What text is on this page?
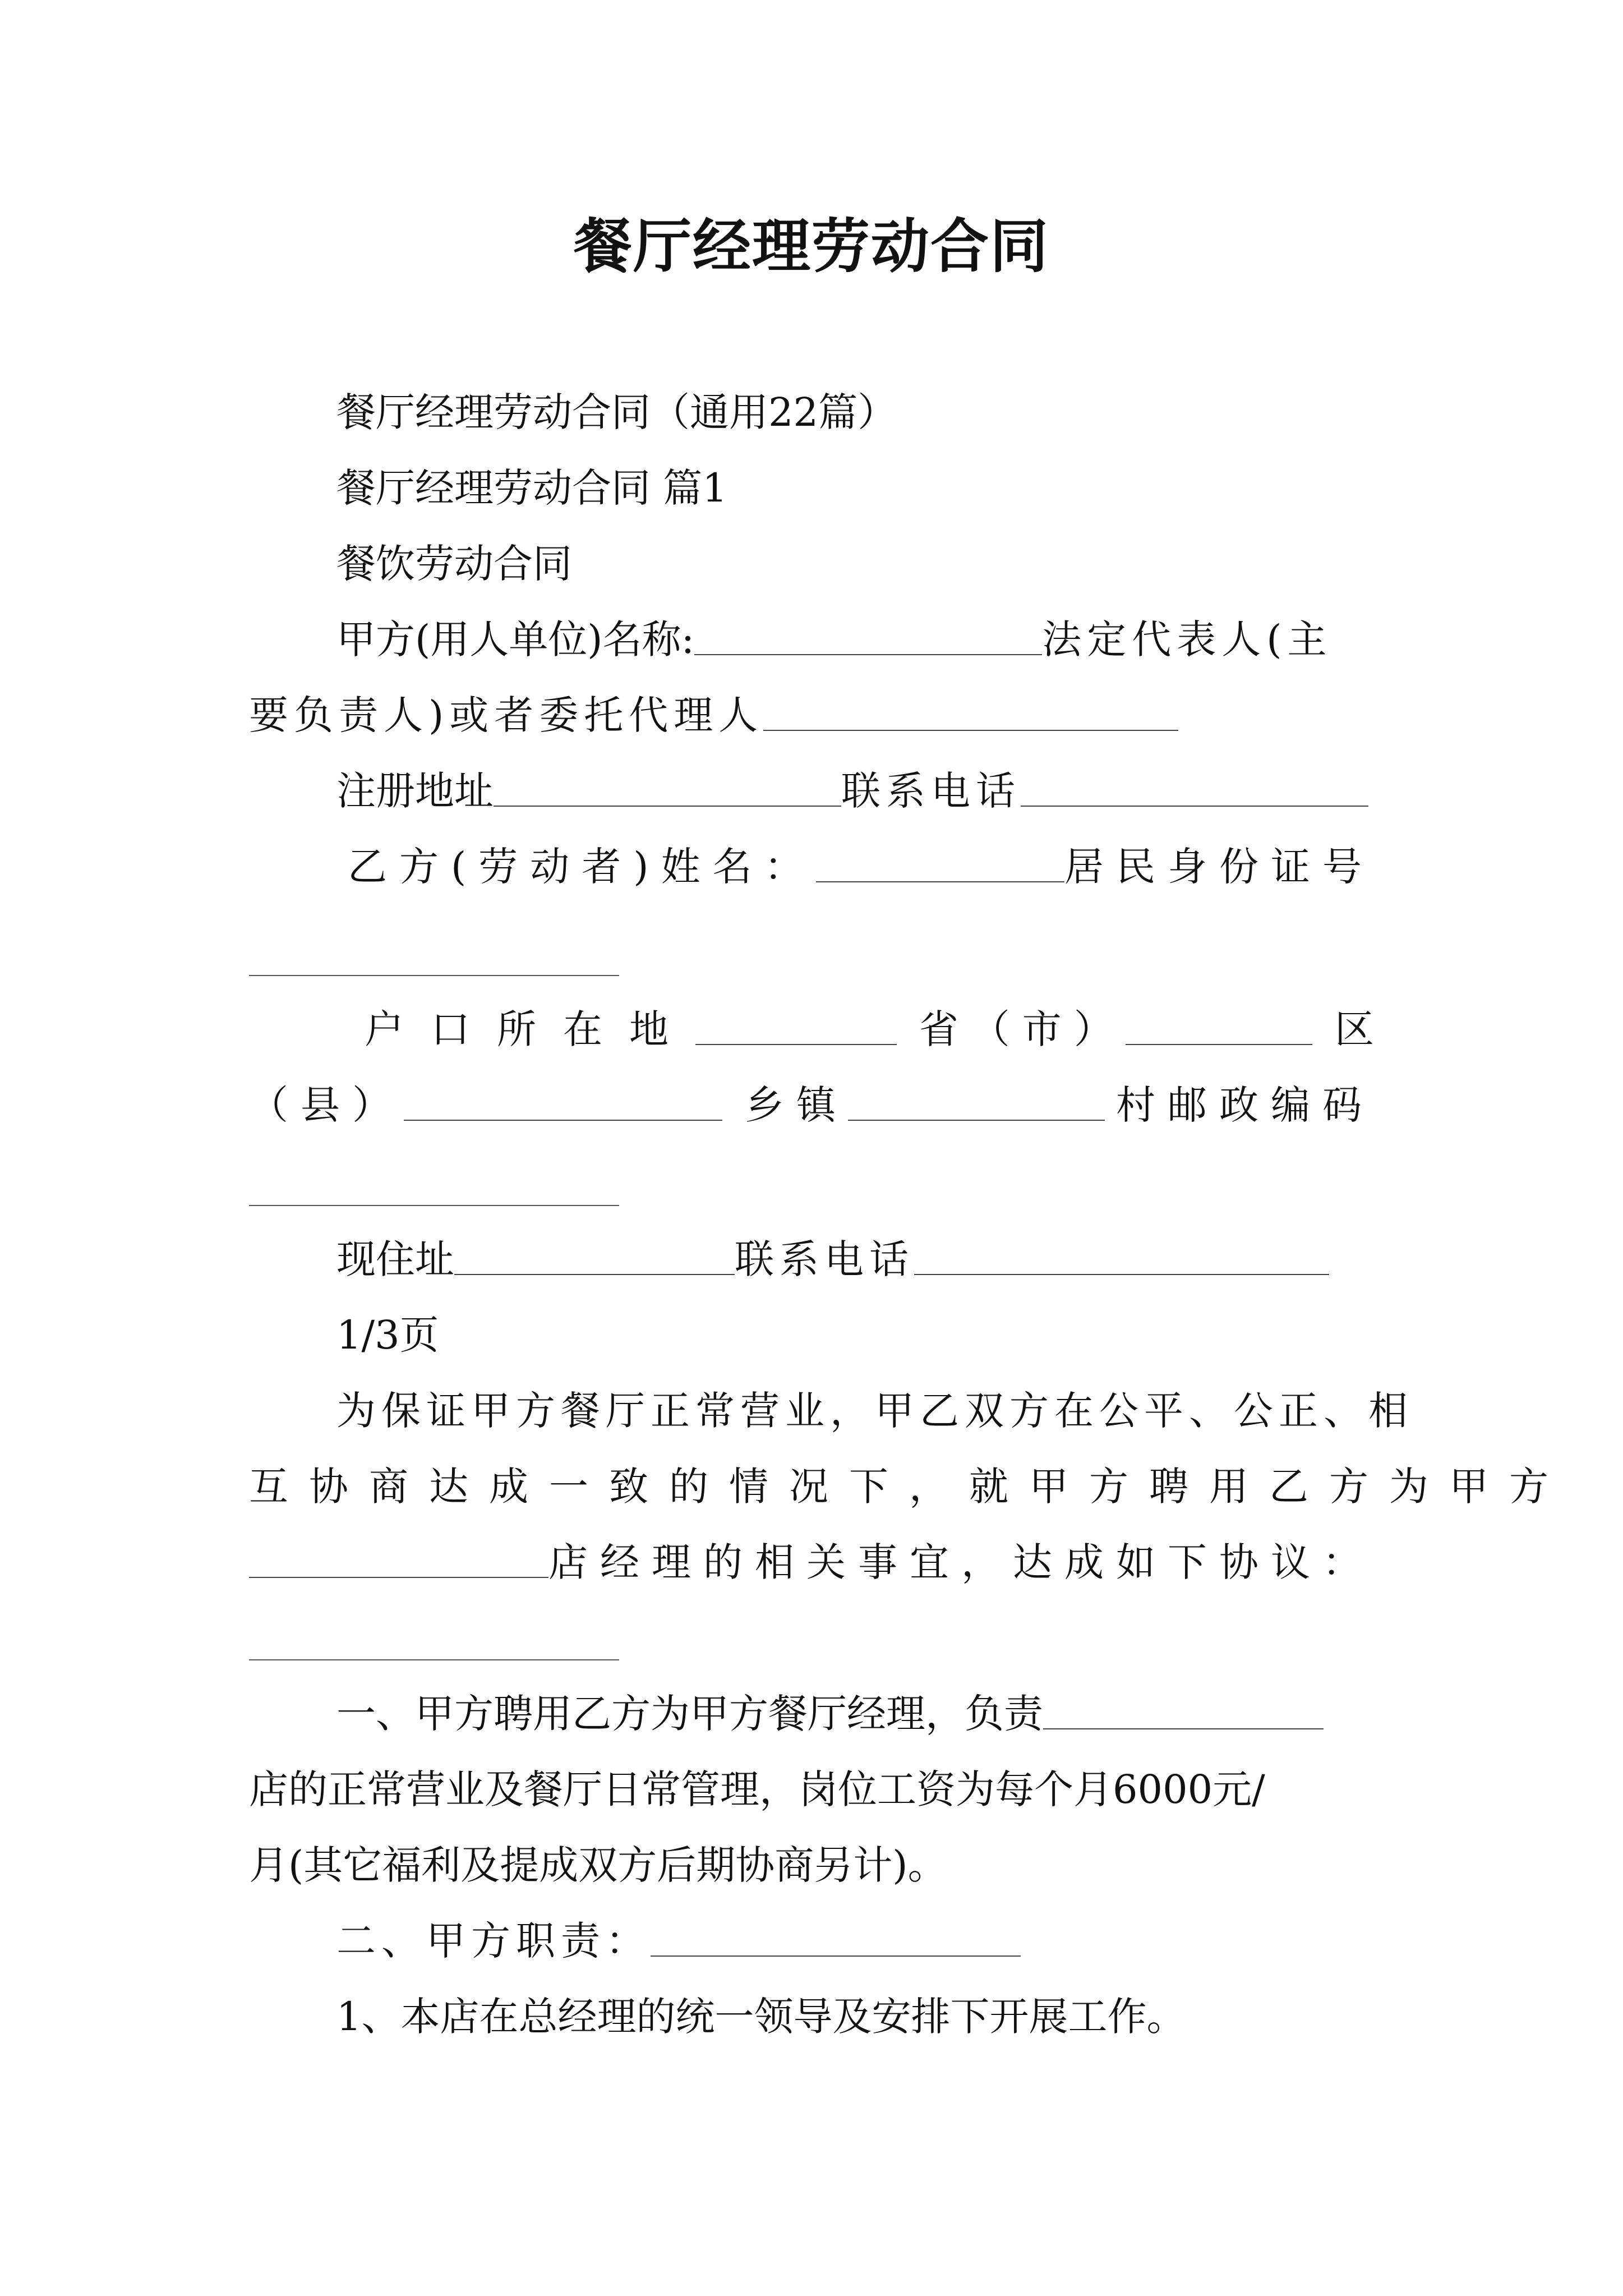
餐厅经理劳动合同
餐厅经理劳动合同（通用22篇）
餐厅经理劳动合同 篇1
餐饮劳动合同
甲方(用人单位)名称:	法定代表人(主
要负责人)或者委托代理人
注册地址	联系电话
乙方(劳动者)姓名：	居民身份证号
户口所在地	省（市）	区
（县）	乡镇	村邮政编码
现住址	联系电话
1/3页
为保证甲方餐厅正常营业，甲乙双方在公平、公正、相
互协商达成一致的情况下，就甲方聘用乙方为甲方
店经理的相关事宜，达成如下协议：
一、甲方聘用乙方为甲方餐厅经理，负责
店的正常营业及餐厅日常管理，岗位工资为每个月6000元/
月(其它福利及提成双方后期协商另计)。
二、甲方职责：
1、本店在总经理的统一领导及安排下开展工作。
